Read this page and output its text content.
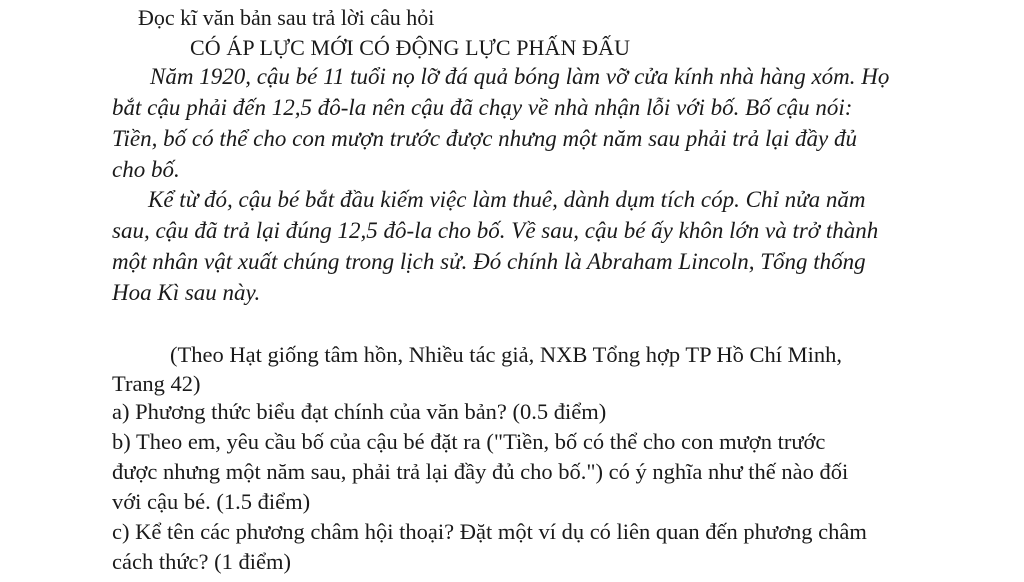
Đọc kĩ văn bản sau trả lời câu hỏi

CÓ ÁP LỰC MỚI CÓ ĐỘNG LỰC PHẤN ĐẤU

Năm 1920, cậu bé 11 tuổi nọ lỡ đá quả bóng làm vỡ cửa kính nhà hàng xóm. Họ

bắt cậu phải đến 12,5 đô-la nên cậu đã chạy về nhà nhận lỗi với bố. Bố cậu nói:

Tiền, bố có thể cho con mượn trước được nhưng một năm sau phải trả lại đầy đủ

cho bố.

Kể từ đó, cậu bé bắt đầu kiếm việc làm thuê, dành dụm tích cóp. Chỉ nửa năm

sau, cậu đã trả lại đúng 12,5 đô-la cho bố. Về sau, cậu bé ấy khôn lớn và trở thành

một nhân vật xuất chúng trong lịch sử. Đó chính là Abraham Lincoln, Tổng thống

Hoa Kì sau này.

(Theo Hạt giống tâm hồn, Nhiều tác giả, NXB Tổng hợp TP Hồ Chí Minh,

Trang 42)

a) Phương thức biểu đạt chính của văn bản? (0.5 điểm)

b) Theo em, yêu cầu bố của cậu bé đặt ra ("Tiền, bố có thể cho con mượn trước

được nhưng một năm sau, phải trả lại đầy đủ cho bố.") có ý nghĩa như thế nào đối

với cậu bé. (1.5 điểm)

c) Kể tên các phương châm hội thoại? Đặt một ví dụ có liên quan đến phương châm

cách thức? (1 điểm)
